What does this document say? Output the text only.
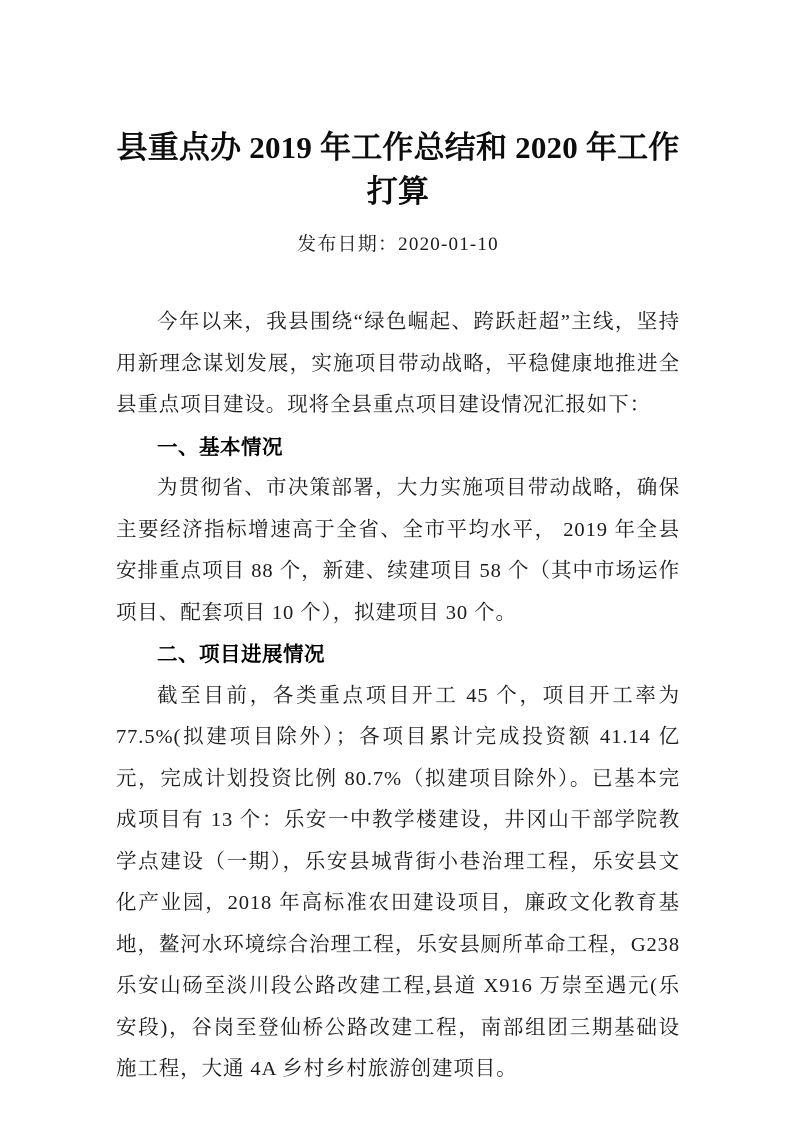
县重点办 2019 年工作总结和 2020 年工作打算

发布日期：2020-01-10

今年以来，我县围绕“绿色崛起、跨跃赶超”主线，坚持用新理念谋划发展，实施项目带动战略，平稳健康地推进全县重点项目建设。现将全县重点项目建设情况汇报如下：

一、基本情况

为贯彻省、市决策部署，大力实施项目带动战略，确保主要经济指标增速高于全省、全市平均水平， 2019 年全县安排重点项目 88 个，新建、续建项目 58 个（其中市场运作项目、配套项目 10 个），拟建项目 30 个。

二、项目进展情况

截至目前，各类重点项目开工 45 个，项目开工率为 77.5%(拟建项目除外）；各项目累计完成投资额 41.14 亿元，完成计划投资比例 80.7%（拟建项目除外）。已基本完成项目有 13 个：乐安一中教学楼建设，井冈山干部学院教学点建设（一期），乐安县城背街小巷治理工程，乐安县文化产业园，2018 年高标准农田建设项目，廉政文化教育基地，鳌河水环境综合治理工程，乐安县厕所革命工程，G238 乐安山砀至淡川段公路改建工程,县道 X916 万崇至遇元(乐安段)，谷岗至登仙桥公路改建工程，南部组团三期基础设施工程，大通 4A 乡村乡村旅游创建项目。
